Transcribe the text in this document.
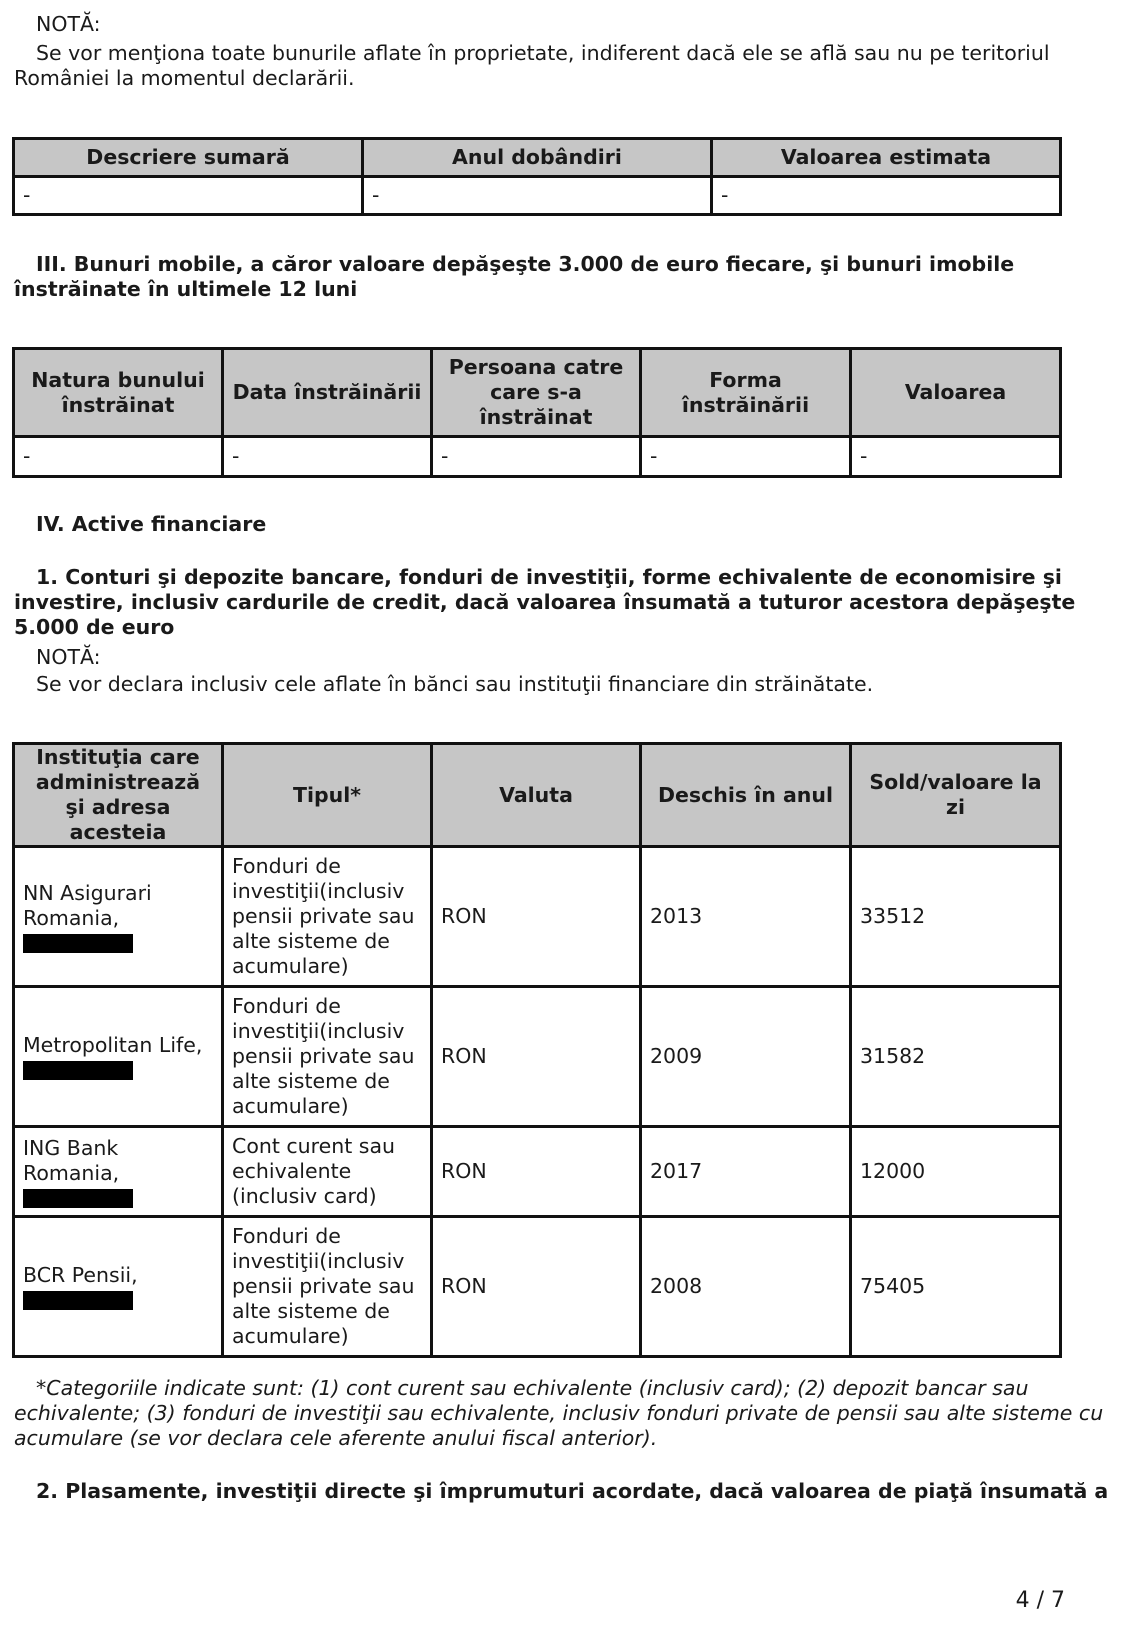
NOTĂ:

Se vor menţiona toate bunurile aflate în proprietate, indiferent dacă ele se află sau nu pe teritoriul României la momentul declarării.

Descriere sumară	Anul dobândiri	Valoarea estimata
-	-	-

III. Bunuri mobile, a căror valoare depăşeşte 3.000 de euro fiecare, şi bunuri imobile înstrăinate în ultimele 12 luni

Natura bunului înstrăinat	Data înstrăinării	Persoana catre care s-a înstrăinat	Forma înstrăinării	Valoarea
-	-	-	-	-

IV. Active financiare

1. Conturi şi depozite bancare, fonduri de investiţii, forme echivalente de economisire şi investire, inclusiv cardurile de credit, dacă valoarea însumată a tuturor acestora depăşeşte 5.000 de euro

NOTĂ:

Se vor declara inclusiv cele aflate în bănci sau instituţii financiare din străinătate.

Instituţia care administrează şi adresa acesteia	Tipul*	Valuta	Deschis în anul	Sold/valoare la zi
NN Asigurari Romania,	Fonduri de investiţii(inclusiv pensii private sau alte sisteme de acumulare)	RON	2013	33512
Metropolitan Life,	Fonduri de investiţii(inclusiv pensii private sau alte sisteme de acumulare)	RON	2009	31582
ING Bank Romania,	Cont curent sau echivalente (inclusiv card)	RON	2017	12000
BCR Pensii,	Fonduri de investiţii(inclusiv pensii private sau alte sisteme de acumulare)	RON	2008	75405

*Categoriile indicate sunt: (1) cont curent sau echivalente (inclusiv card); (2) depozit bancar sau echivalente; (3) fonduri de investiţii sau echivalente, inclusiv fonduri private de pensii sau alte sisteme cu acumulare (se vor declara cele aferente anului fiscal anterior).

2. Plasamente, investiţii directe şi împrumuturi acordate, dacă valoarea de piaţă însumată a

4 / 7
